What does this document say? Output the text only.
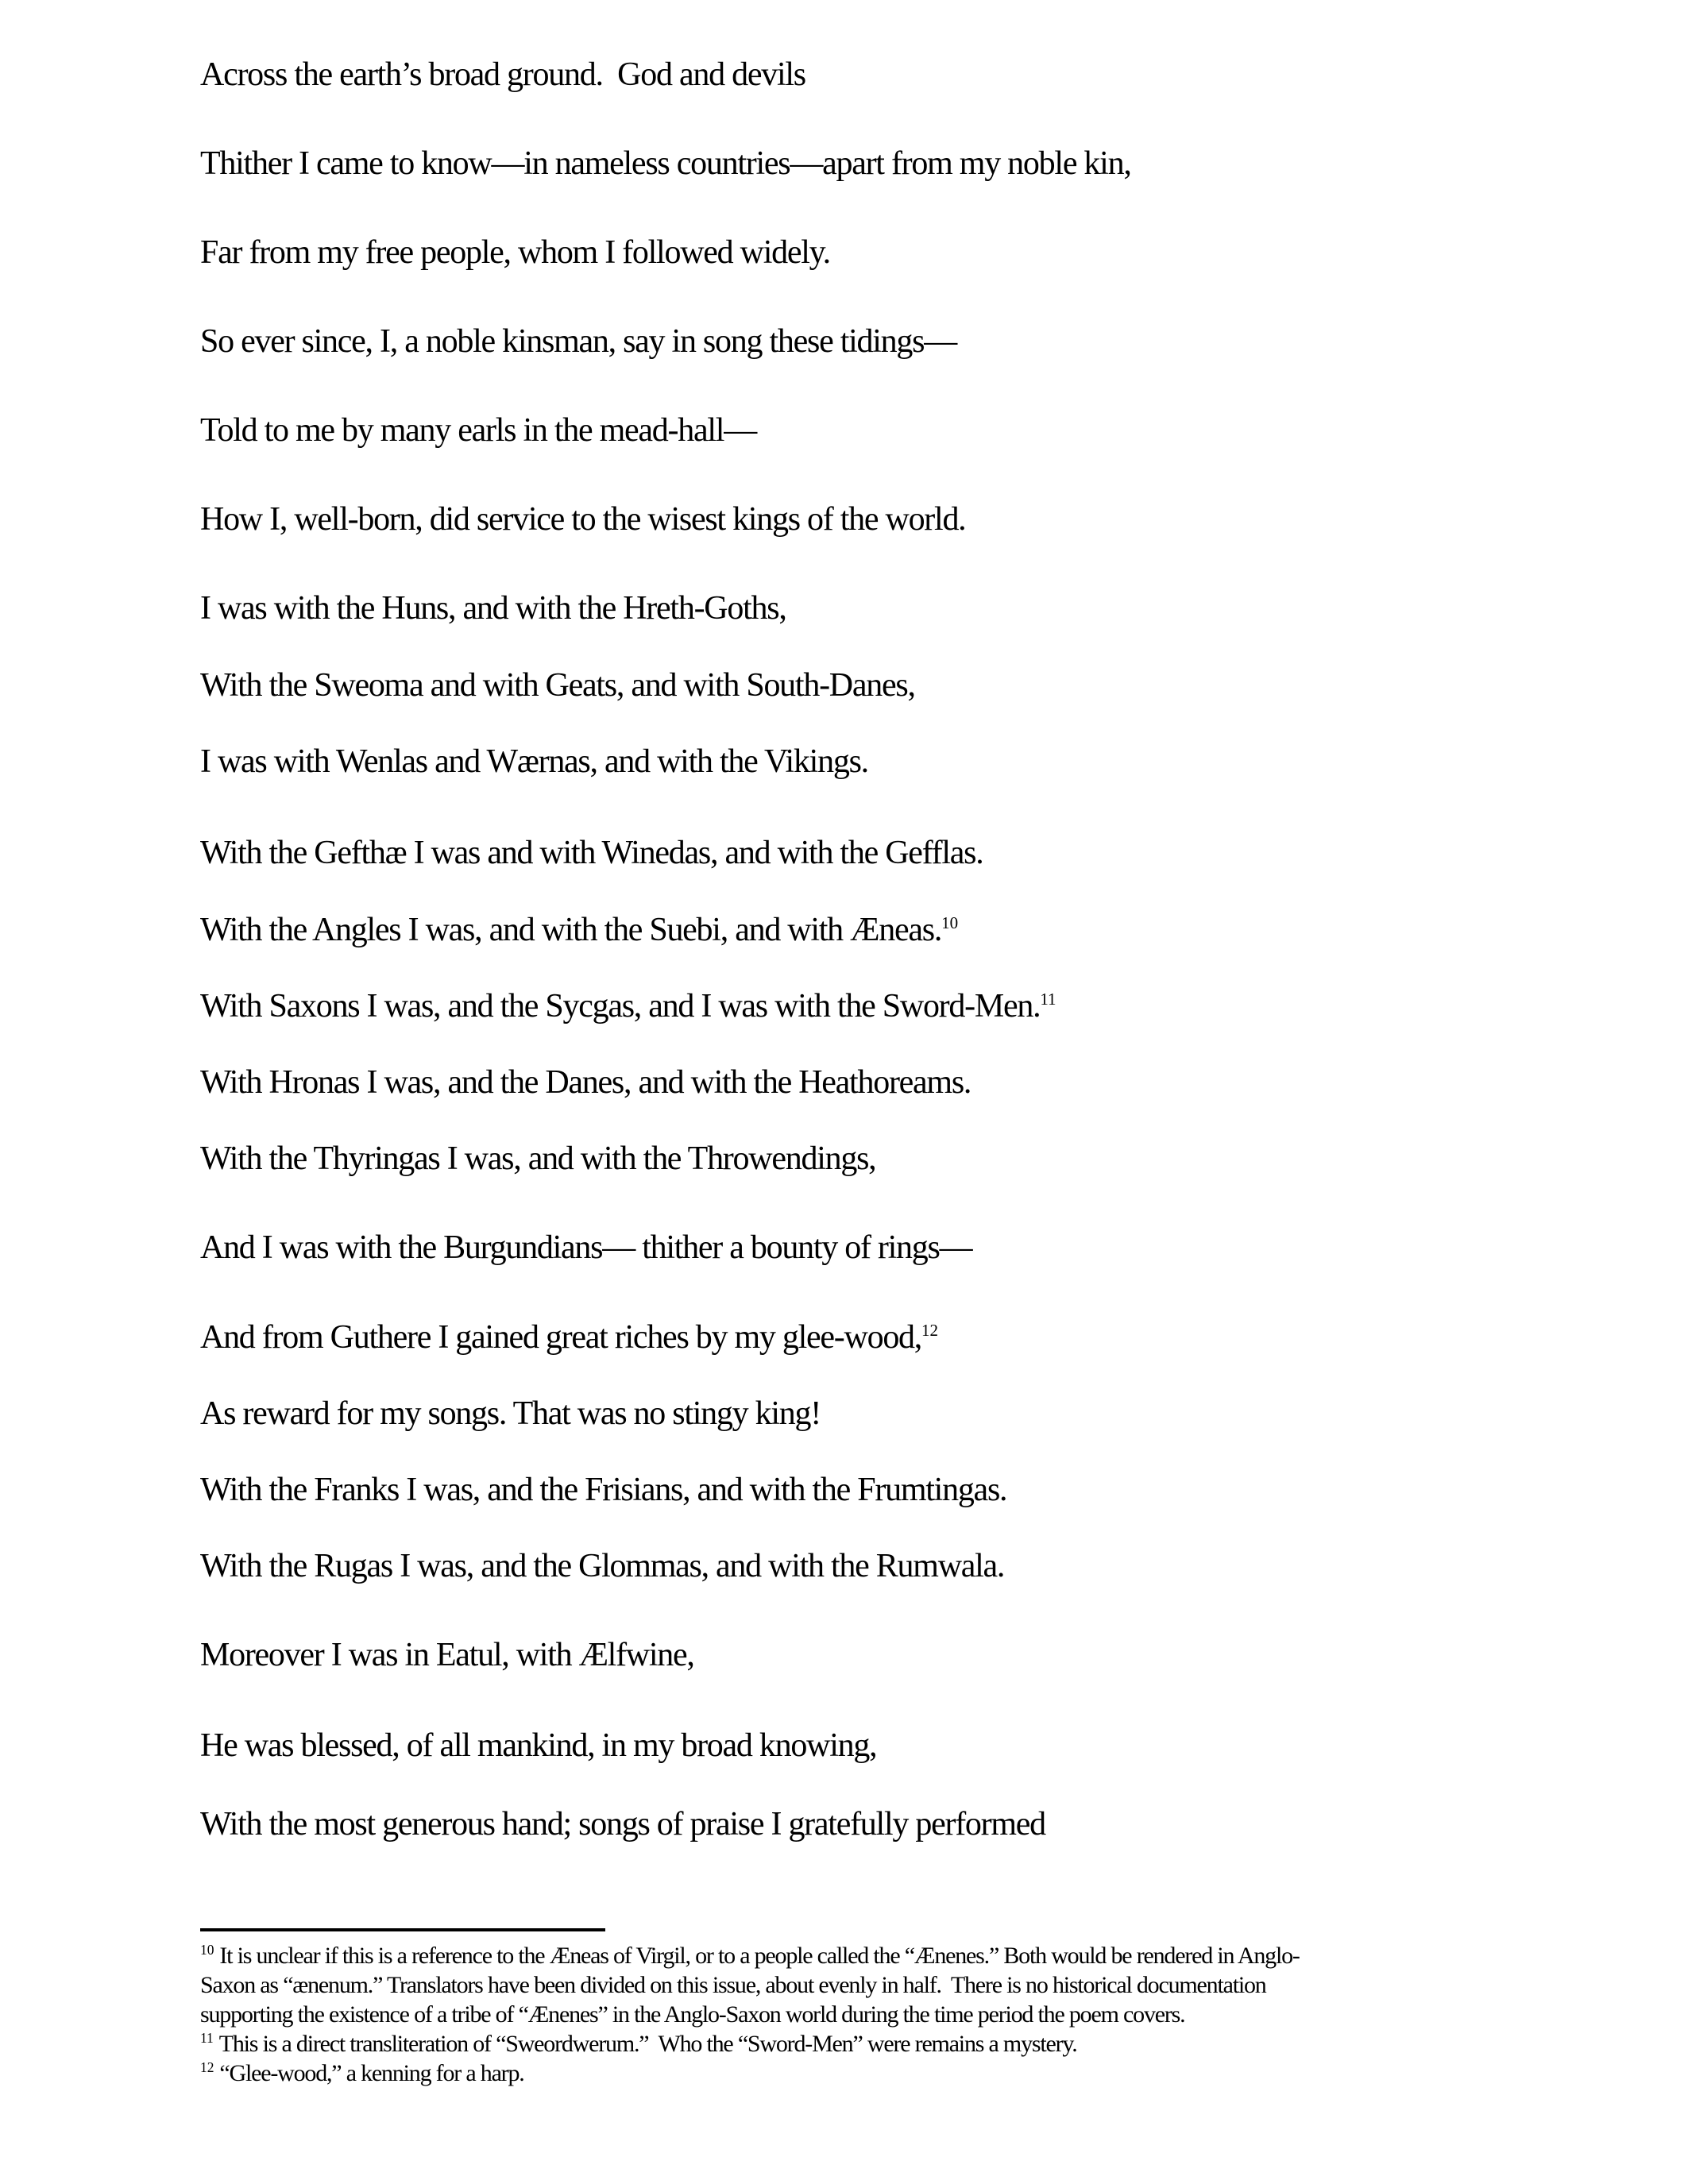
Across the earth’s broad ground.  God and devils
Thither I came to know—in nameless countries—apart from my noble kin,
Far from my free people, whom I followed widely.
So ever since, I, a noble kinsman, say in song these tidings—
Told to me by many earls in the mead-hall—
How I, well-born, did service to the wisest kings of the world.
I was with the Huns, and with the Hreth-Goths,
With the Sweoma and with Geats, and with South-Danes,
I was with Wenlas and Wærnas, and with the Vikings.
With the Gefthæ I was and with Winedas, and with the Gefflas.
With the Angles I was, and with the Suebi, and with Æneas.$^{10}$
With Saxons I was, and the Sycgas, and I was with the Sword-Men.$^{11}$
With Hronas I was, and the Danes, and with the Heathoreams.
With the Thyringas I was, and with the Throwendings,
And I was with the Burgundians— thither a bounty of rings—
And from Guthere I gained great riches by my glee-wood,$^{12}$
As reward for my songs. That was no stingy king!
With the Franks I was, and the Frisians, and with the Frumtingas.
With the Rugas I was, and the Glommas, and with the Rumwala.
Moreover I was in Eatul, with Ælfwine,
He was blessed, of all mankind, in my broad knowing,
With the most generous hand; songs of praise I gratefully performed
$^{10}$ It is unclear if this is a reference to the Æneas of Virgil, or to a people called the “Ænenes.” Both would be rendered in Anglo-
Saxon as “ænenum.” Translators have been divided on this issue, about evenly in half.  There is no historical documentation
supporting the existence of a tribe of “Ænenes” in the Anglo-Saxon world during the time period the poem covers.
$^{11}$ This is a direct transliteration of “Sweordwerum.”  Who the “Sword-Men” were remains a mystery.
$^{12}$ “Glee-wood,” a kenning for a harp.
